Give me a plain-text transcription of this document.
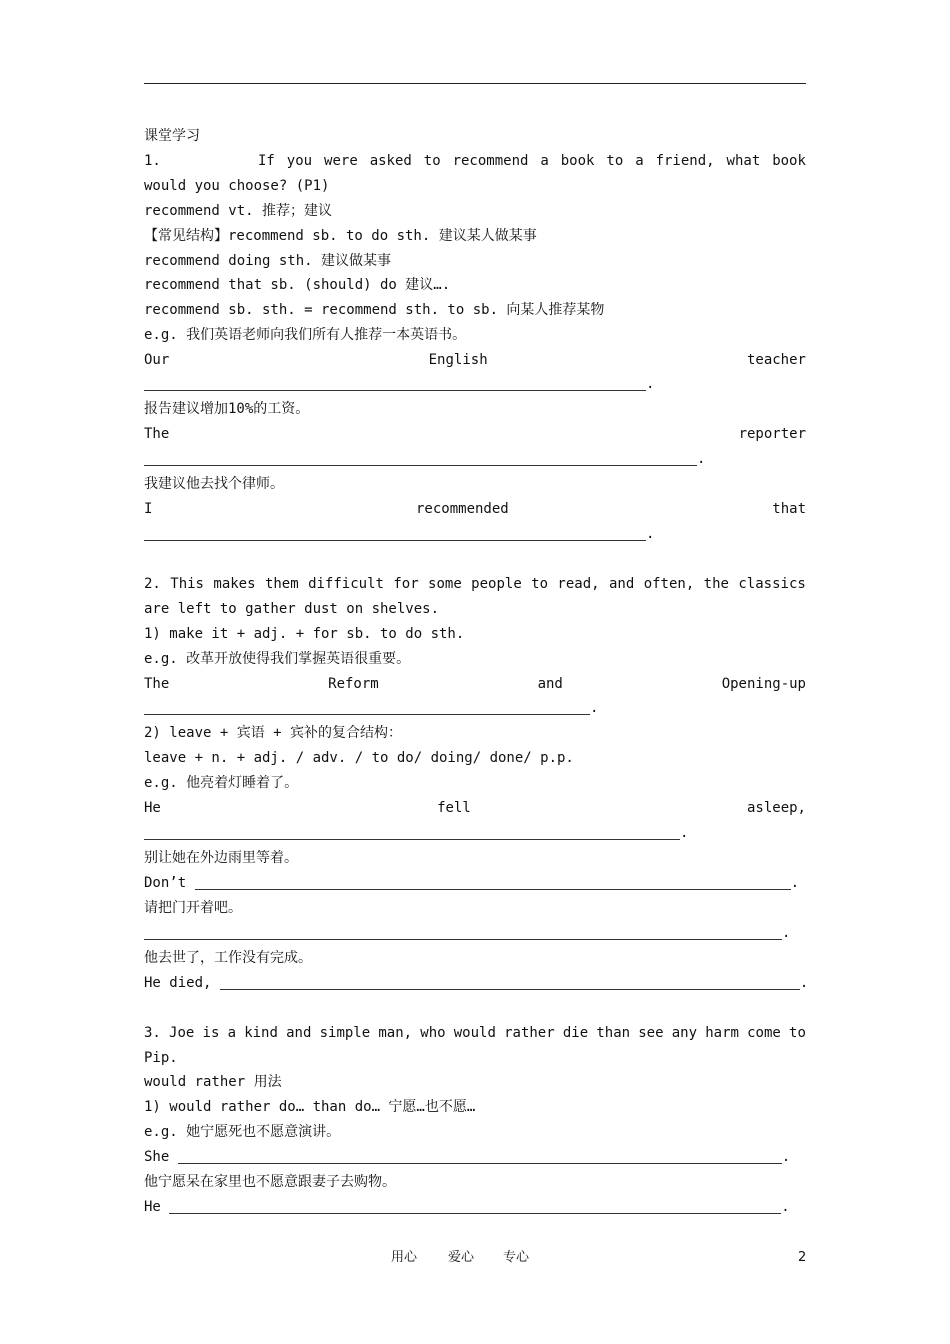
课堂学习
1.	If you were asked to recommend a book to a friend, what book
would you choose? (P1)
recommend vt. 推荐；建议
【常见结构】recommend sb. to do sth. 建议某人做某事
recommend doing sth. 建议做某事
recommend that sb. (should) do 建议….
recommend sb. sth. = recommend sth. to sb. 向某人推荐某物
e.g. 我们英语老师向我们所有人推荐一本英语书。
Our	English	teacher
.
报告建议增加10%的工资。
The	reporter
.
我建议他去找个律师。
I	recommended	that
.
2. This makes them difficult for some people to read, and often, the classics
are left to gather dust on shelves.
1) make it + adj. + for sb. to do sth.
e.g. 改革开放使得我们掌握英语很重要。
The	Reform	and	Opening-up
.
2) leave + 宾语 + 宾补的复合结构：
leave + n. + adj. / adv. / to do/ doing/ done/ p.p.
e.g. 他亮着灯睡着了。
He	fell	asleep,
.
别让她在外边雨里等着。
Don’t	.
请把门开着吧。
.
他去世了，工作没有完成。
He died,	.
3. Joe is a kind and simple man, who would rather die than see any harm come to
Pip.
would rather 用法
1) would rather do… than do… 宁愿…也不愿…
e.g. 她宁愿死也不愿意演讲。
She	.
他宁愿呆在家里也不愿意跟妻子去购物。
He	.
用心 爱心 专心	2
